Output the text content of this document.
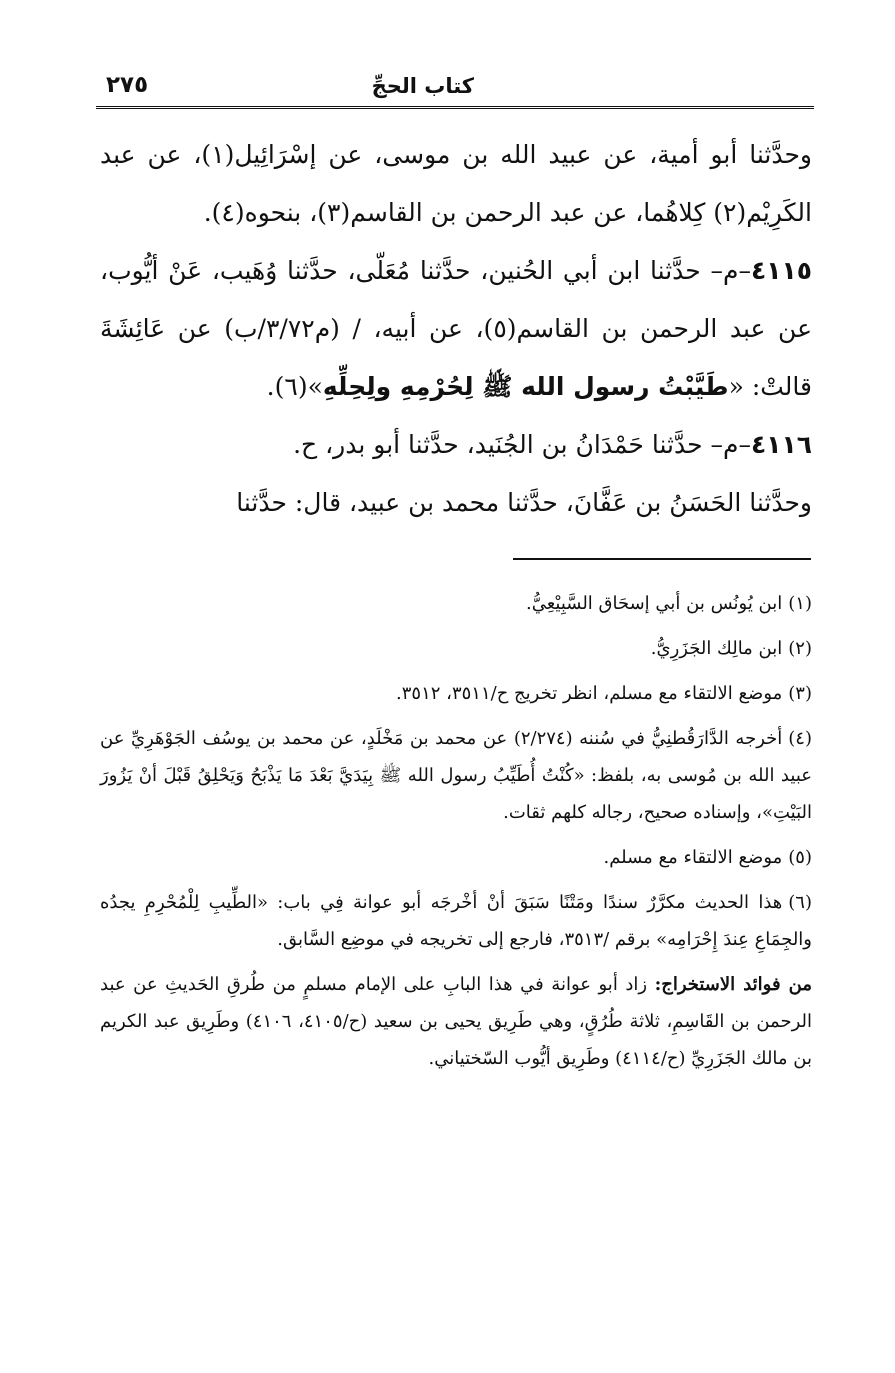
كتاب الحجِّ
٢٧٥

وحدَّثنا أبو أمية، عن عبيد الله بن موسى، عن إسْرَائِيل(١)، عن عبد الكَرِيْم(٢) كِلاهُما، عن عبد الرحمن بن القاسم(٣)، بنحوه(٤).

٤١١٥–م– حدَّثنا ابن أبي الحُنين، حدَّثنا مُعَلّى، حدَّثنا وُهَيب، عَنْ أيُّوب، عن عبد الرحمن بن القاسم(٥)، عن أبيه، / (م٣/٧٢/ب) عن عَائِشَةَ قالتْ: «طَيَّبْتُ رسول الله ﷺ لِحُرْمِهِ ولِحِلِّهِ»(٦).

٤١١٦–م– حدَّثنا حَمْدَانُ بن الجُنَيد، حدَّثنا أبو بدر، ح.

وحدَّثنا الحَسَنُ بن عَفَّانَ، حدَّثنا محمد بن عبيد، قال: حدَّثنا

(١)ابن يُونُس بن أبي إسحَاق السَّبِيْعِيُّ.

(٢)ابن مالِك الجَزَرِيُّ.

(٣)موضع الالتقاء مع مسلم، انظر تخريج ح/٣٥١١، ٣٥١٢.

(٤)أخرجه الدَّارَقُطنِيُّ في سُننه (٢/٢٧٤) عن محمد بن مَخْلَدٍ، عن محمد بن يوسُف الجَوْهَرِيِّ عن عبيد الله بن مُوسى به، بلفظ: «كُنْتُ أُطَيِّبُ رسول الله ﷺ بِيَدَيَّ بَعْدَ مَا يَذْبَحُ وَيَحْلِقُ قَبْلَ أنْ يَزُورَ البَيْتِ»، وإسناده صحيح، رجاله كلهم ثقات.

(٥)موضع الالتقاء مع مسلم.

(٦)هذا الحديث مكرَّرٌ سندًا ومَتْنًا سَبَقَ أنْ أخْرجَه أبو عوانة فِي باب: «الطِّيبِ لِلْمُحْرِمِ يجدُه والجِمَاعِ عِندَ إِحْرَامِه» برقم /٣٥١٣، فارجع إلى تخريجه في موضِع السَّابق.

من فوائد الاستخراج: زاد أبو عوانة في هذا البابِ على الإمام مسلمٍ من طُرقِ الحَديثِ عن عبد الرحمن بن القَاسِمِ، ثلاثة طُرُقٍ، وهي طَرِيق يحيى بن سعيد (ح/٤١٠٥، ٤١٠٦) وطَرِيق عبد الكريم بن مالك الجَزَرِيِّ (ح/٤١١٤) وطَرِيق أيُّوب السّختياني.
